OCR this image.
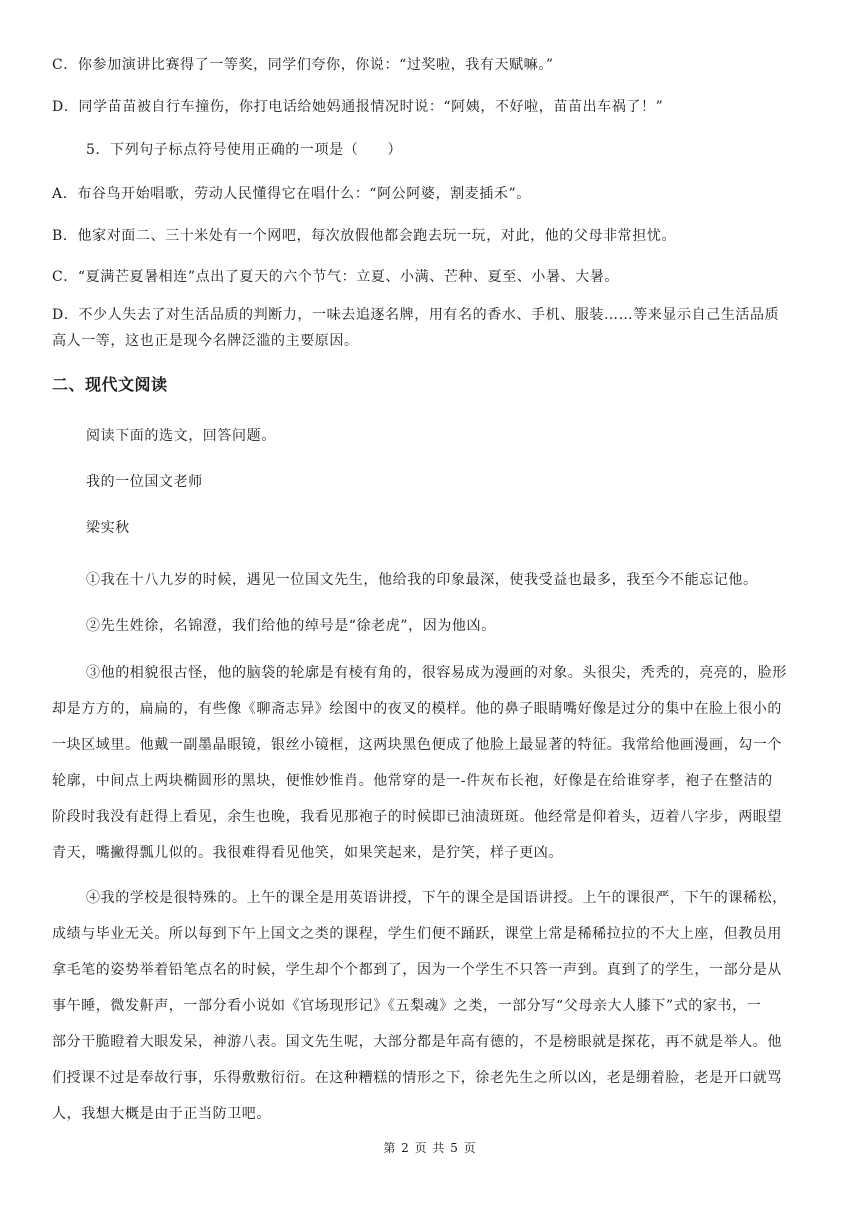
C．你参加演讲比赛得了一等奖，同学们夸你，你说：“过奖啦，我有天赋嘛。”
D．同学苗苗被自行车撞伤，你打电话给她妈通报情况时说：“阿姨，不好啦，苗苗出车祸了！”
5．下列句子标点符号使用正确的一项是（　　）
A．布谷鸟开始唱歌，劳动人民懂得它在唱什么：“阿公阿婆，割麦插禾”。
B．他家对面二、三十米处有一个网吧，每次放假他都会跑去玩一玩，对此，他的父母非常担忧。
C．“夏满芒夏暑相连”点出了夏天的六个节气：立夏、小满、芒种、夏至、小暑、大暑。
D．不少人失去了对生活品质的判断力，一味去追逐名牌，用有名的香水、手机、服装……等来显示自己生活品质
高人一等，这也正是现今名牌泛滥的主要原因。
二、现代文阅读
阅读下面的选文，回答问题。
我的一位国文老师
梁实秋
①我在十八九岁的时候，遇见一位国文先生，他给我的印象最深，使我受益也最多，我至今不能忘记他。
②先生姓徐，名锦澄，我们给他的绰号是“徐老虎”，因为他凶。
③他的相貌很古怪，他的脑袋的轮廓是有棱有角的，很容易成为漫画的对象。头很尖，秃秃的，亮亮的，脸形
却是方方的，扁扁的，有些像《聊斋志异》绘图中的夜叉的模样。他的鼻子眼睛嘴好像是过分的集中在脸上很小的
一块区域里。他戴一副墨晶眼镜，银丝小镜框，这两块黑色便成了他脸上最显著的特征。我常给他画漫画，勾一个
轮廓，中间点上两块椭圆形的黑块，便惟妙惟肖。他常穿的是一-件灰布长袍，好像是在给谁穿孝，袍子在整洁的
阶段时我没有赶得上看见，余生也晚，我看见那袍子的时候即已油渍斑斑。他经常是仰着头，迈着八字步，两眼望
青天，嘴撇得瓢儿似的。我很难得看见他笑，如果笑起来，是狞笑，样子更凶。
④我的学校是很特殊的。上午的课全是用英语讲授，下午的课全是国语讲授。上午的课很严，下午的课稀松，
成绩与毕业无关。所以每到下午上国文之类的课程，学生们便不踊跃，课堂上常是稀稀拉拉的不大上座，但教员用
拿毛笔的姿势举着铅笔点名的时候，学生却个个都到了，因为一个学生不只答一声到。真到了的学生，一部分是从
事午睡，微发鼾声，一部分看小说如《官场现形记》《五梨魂》之类，一部分写“父母亲大人膝下”式的家书，一
部分干脆瞪着大眼发呆，神游八表。国文先生呢，大部分都是年高有德的，不是榜眼就是探花，再不就是举人。他
们授课不过是奉故行事，乐得敷敷衍衍。在这种糟糕的情形之下，徐老先生之所以凶，老是绷着脸，老是开口就骂
人，我想大概是由于正当防卫吧。
第 2 页 共 5 页
